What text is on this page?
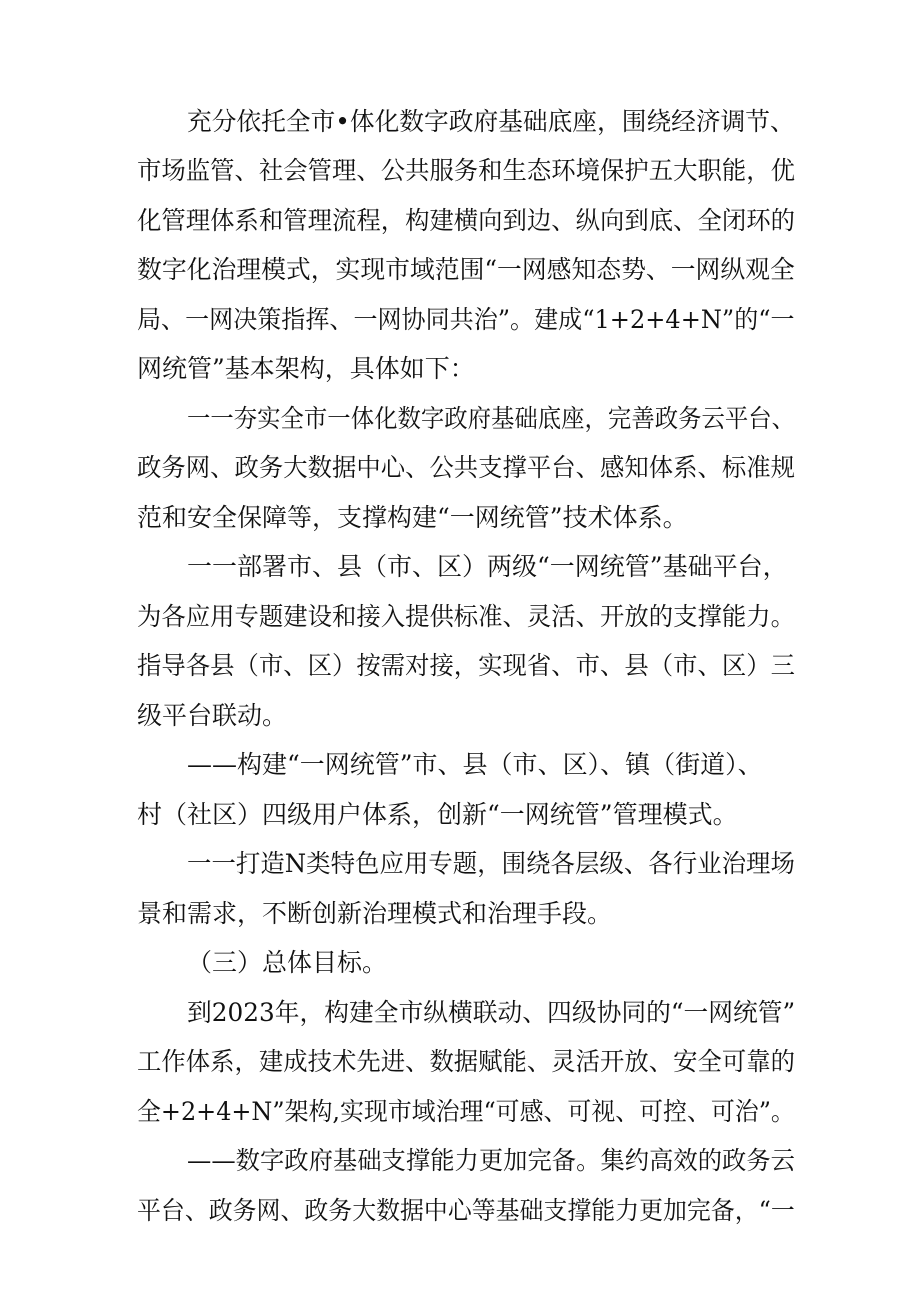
充分依托全市•体化数字政府基础底座，围绕经济调节、
市场监管、社会管理、公共服务和生态环境保护五大职能，优
化管理体系和管理流程，构建横向到边、纵向到底、全闭环的
数字化治理模式，实现市域范围“一网感知态势、一网纵观全
局、一网决策指挥、一网协同共治”。建成“1+2+4+N”的“一
网统管”基本架构，具体如下：
一一夯实全市一体化数字政府基础底座，完善政务云平台、
政务网、政务大数据中心、公共支撑平台、感知体系、标准规
范和安全保障等，支撑构建“一网统管”技术体系。
一一部署市、县（市、区）两级“一网统管”基础平台，
为各应用专题建设和接入提供标准、灵活、开放的支撑能力。
指导各县（市、区）按需对接，实现省、市、县（市、区）三
级平台联动。
——构建“一网统管”市、县（市、区）、镇（街道）、
村（社区）四级用户体系，创新“一网统管”管理模式。
一一打造N类特色应用专题，围绕各层级、各行业治理场
景和需求，不断创新治理模式和治理手段。
（三）总体目标。
到2023年，构建全市纵横联动、四级协同的“一网统管”
工作体系，建成技术先进、数据赋能、灵活开放、安全可靠的
全+2+4+N”架构,实现市域治理“可感、可视、可控、可治”。
——数字政府基础支撑能力更加完备。集约高效的政务云
平台、政务网、政务大数据中心等基础支撑能力更加完备，“一
